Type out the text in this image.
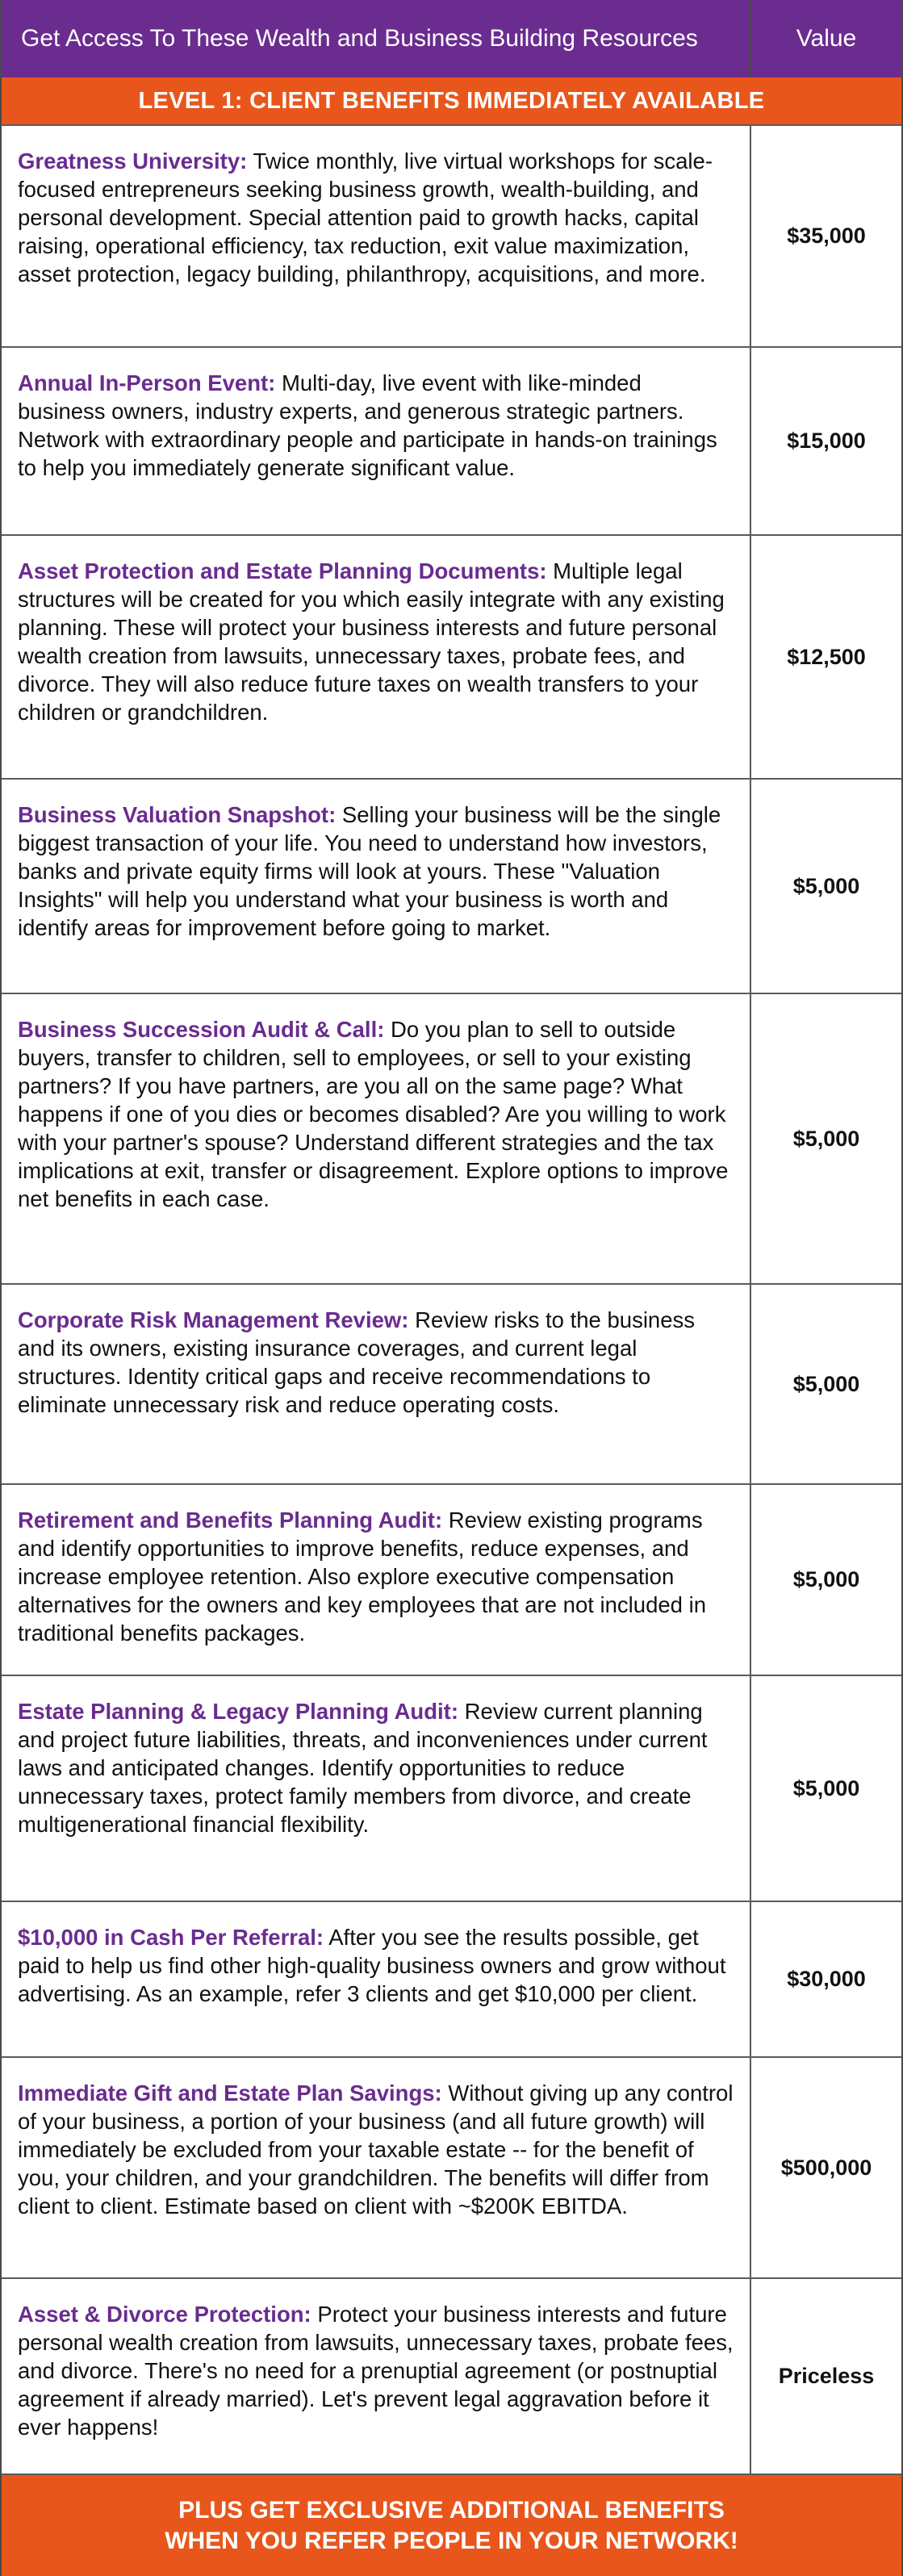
Get Access To These Wealth and Business Building Resources	Value
LEVEL 1: CLIENT BENEFITS IMMEDIATELY AVAILABLE
Greatness University: Twice monthly, live virtual workshops for scale-focused entrepreneurs seeking business growth, wealth-building, and personal development. Special attention paid to growth hacks, capital raising, operational efficiency, tax reduction, exit value maximization, asset protection, legacy building, philanthropy, acquisitions, and more.
$35,000
Annual In-Person Event: Multi-day, live event with like-minded business owners, industry experts, and generous strategic partners. Network with extraordinary people and participate in hands-on trainings to help you immediately generate significant value.
$15,000
Asset Protection and Estate Planning Documents: Multiple legal structures will be created for you which easily integrate with any existing planning. These will protect your business interests and future personal wealth creation from lawsuits, unnecessary taxes, probate fees, and divorce. They will also reduce future taxes on wealth transfers to your children or grandchildren.
$12,500
Business Valuation Snapshot: Selling your business will be the single biggest transaction of your life. You need to understand how investors, banks and private equity firms will look at yours. These "Valuation Insights" will help you understand what your business is worth and identify areas for improvement before going to market.
$5,000
Business Succession Audit & Call: Do you plan to sell to outside buyers, transfer to children, sell to employees, or sell to your existing partners? If you have partners, are you all on the same page? What happens if one of you dies or becomes disabled? Are you willing to work with your partner's spouse? Understand different strategies and the tax implications at exit, transfer or disagreement. Explore options to improve net benefits in each case.
$5,000
Corporate Risk Management Review: Review risks to the business and its owners, existing insurance coverages, and current legal structures. Identity critical gaps and receive recommendations to eliminate unnecessary risk and reduce operating costs.
$5,000
Retirement and Benefits Planning Audit: Review existing programs and identify opportunities to improve benefits, reduce expenses, and increase employee retention. Also explore executive compensation alternatives for the owners and key employees that are not included in traditional benefits packages.
$5,000
Estate Planning & Legacy Planning Audit: Review current planning and project future liabilities, threats, and inconveniences under current laws and anticipated changes. Identify opportunities to reduce unnecessary taxes, protect family members from divorce, and create multigenerational financial flexibility.
$5,000
$10,000 in Cash Per Referral: After you see the results possible, get paid to help us find other high-quality business owners and grow without advertising. As an example, refer 3 clients and get $10,000 per client.
$30,000
Immediate Gift and Estate Plan Savings: Without giving up any control of your business, a portion of your business (and all future growth) will immediately be excluded from your taxable estate -- for the benefit of you, your children, and your grandchildren. The benefits will differ from client to client. Estimate based on client with ~$200K EBITDA.
$500,000
Asset & Divorce Protection: Protect your business interests and future personal wealth creation from lawsuits, unnecessary taxes, probate fees, and divorce. There's no need for a prenuptial agreement (or postnuptial agreement if already married). Let's prevent legal aggravation before it ever happens!
Priceless
PLUS GET EXCLUSIVE ADDITIONAL BENEFITS
WHEN YOU REFER PEOPLE IN YOUR NETWORK!
